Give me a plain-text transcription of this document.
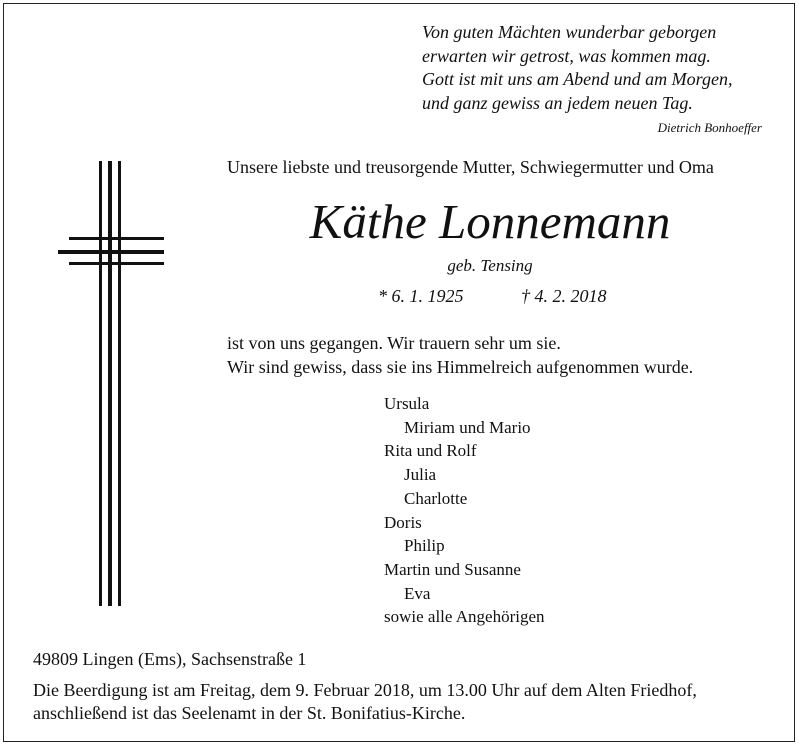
Von guten Mächten wunderbar geborgen
erwarten wir getrost, was kommen mag.
Gott ist mit uns am Abend und am Morgen,
und ganz gewiss an jedem neuen Tag.
Dietrich Bonhoeffer
Unsere liebste und treusorgende Mutter, Schwiegermutter und Oma
Käthe Lonnemann
geb. Tensing
* 6. 1. 1925	† 4. 2. 2018
ist von uns gegangen. Wir trauern sehr um sie.
Wir sind gewiss, dass sie ins Himmelreich aufgenommen wurde.
Ursula
Miriam und Mario
Rita und Rolf
Julia
Charlotte
Doris
Philip
Martin und Susanne
Eva
sowie alle Angehörigen
49809 Lingen (Ems), Sachsenstraße 1
Die Beerdigung ist am Freitag, dem 9. Februar 2018, um 13.00 Uhr auf dem Alten Friedhof,
anschließend ist das Seelenamt in der St. Bonifatius-Kirche.
